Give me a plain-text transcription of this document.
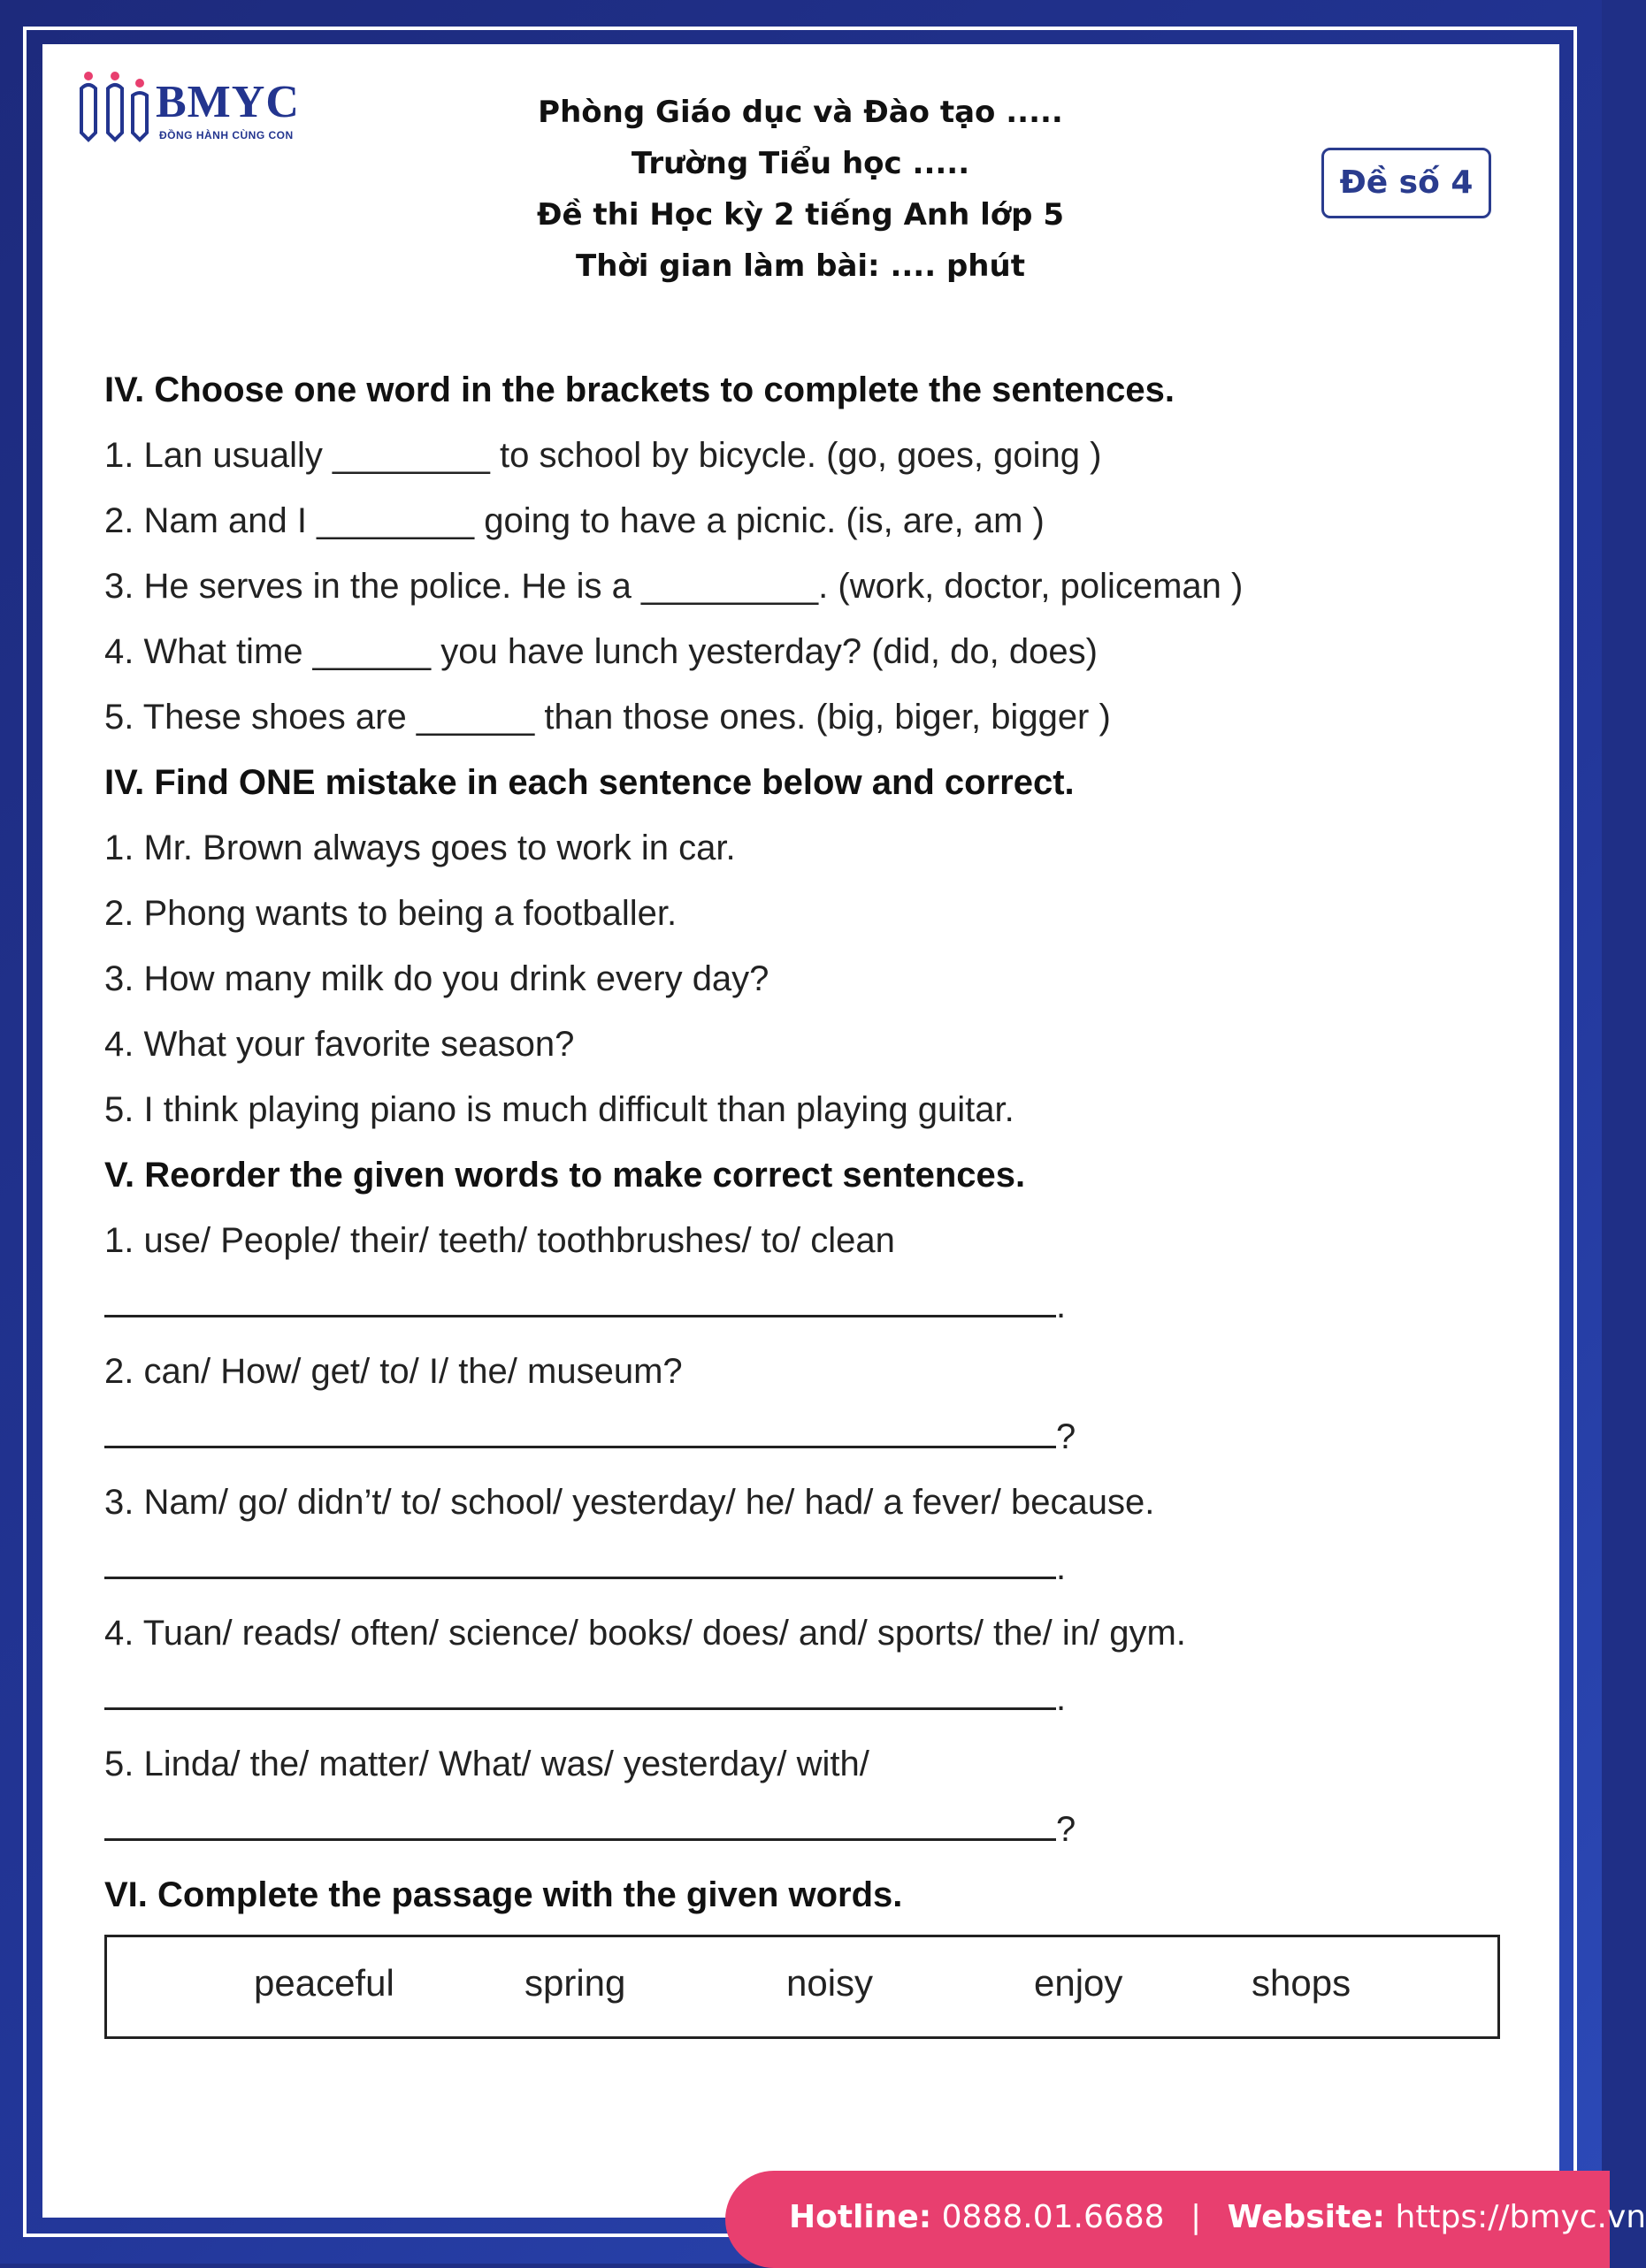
BMYC
ĐỒNG HÀNH CÙNG CON
Phòng Giáo dục và Đào tạo .....
Trường Tiểu học .....
Đề thi Học kỳ 2 tiếng Anh lớp 5
Thời gian làm bài: .... phút
Đề số 4
IV. Choose one word in the brackets to complete the sentences.
1. Lan usually ________ to school by bicycle. (go, goes, going )
2. Nam and I ________ going to have a picnic. (is, are, am )
3. He serves in the police. He is a _________. (work, doctor, policeman )
4. What time ______ you have lunch yesterday? (did, do, does)
5. These shoes are ______ than those ones. (big, biger, bigger )
IV. Find ONE mistake in each sentence below and correct.
1. Mr. Brown always goes to work in car.
2. Phong wants to being a footballer.
3. How many milk do you drink every day?
4. What your favorite season?
5. I think playing piano is much difficult than playing guitar.
V. Reorder the given words to make correct sentences.
1. use/ People/ their/ teeth/ toothbrushes/ to/ clean
.
2. can/ How/ get/ to/ I/ the/ museum?
?
3. Nam/ go/ didn’t/ to/ school/ yesterday/ he/ had/ a fever/ because.
.
4. Tuan/ reads/ often/ science/ books/ does/ and/ sports/ the/ in/ gym.
.
5. Linda/ the/ matter/ What/ was/ yesterday/ with/
?
VI. Complete the passage with the given words.
peaceful	spring	noisy	enjoy	shops
Hotline: 0888.01.6688 | Website: https://bmyc.vn
